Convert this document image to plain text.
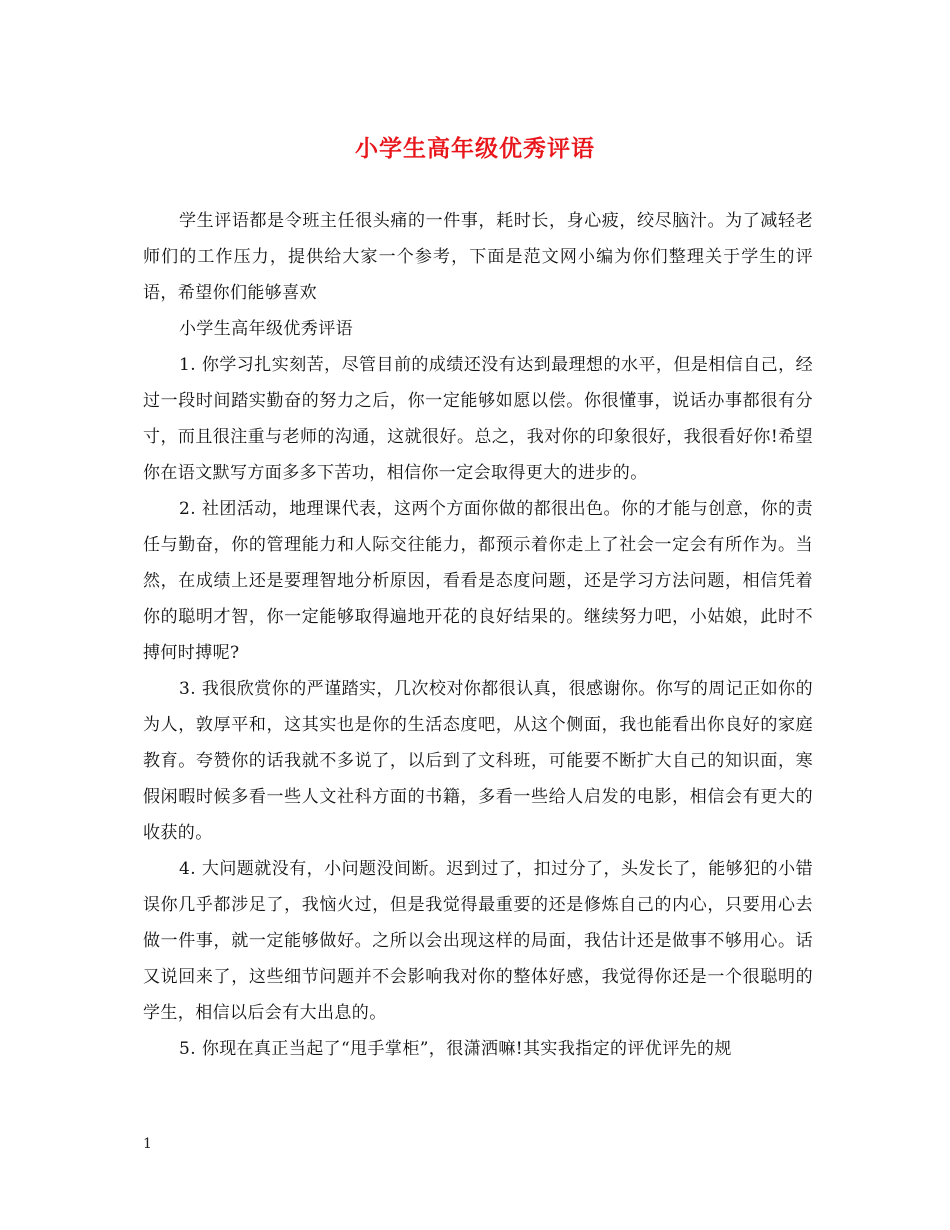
小学生高年级优秀评语

学生评语都是令班主任很头痛的一件事，耗时长，身心疲，绞尽脑汁。为了减轻老师们的工作压力，提供给大家一个参考，下面是范文网小编为你们整理关于学生的评语，希望你们能够喜欢

小学生高年级优秀评语

1. 你学习扎实刻苦，尽管目前的成绩还没有达到最理想的水平，但是相信自己，经过一段时间踏实勤奋的努力之后，你一定能够如愿以偿。你很懂事，说话办事都很有分寸，而且很注重与老师的沟通，这就很好。总之，我对你的印象很好，我很看好你!希望你在语文默写方面多多下苦功，相信你一定会取得更大的进步的。

2. 社团活动，地理课代表，这两个方面你做的都很出色。你的才能与创意，你的责任与勤奋，你的管理能力和人际交往能力，都预示着你走上了社会一定会有所作为。当然，在成绩上还是要理智地分析原因，看看是态度问题，还是学习方法问题，相信凭着你的聪明才智，你一定能够取得遍地开花的良好结果的。继续努力吧，小姑娘，此时不搏何时搏呢?

3. 我很欣赏你的严谨踏实，几次校对你都很认真，很感谢你。你写的周记正如你的为人，敦厚平和，这其实也是你的生活态度吧，从这个侧面，我也能看出你良好的家庭教育。夸赞你的话我就不多说了，以后到了文科班，可能要不断扩大自己的知识面，寒假闲暇时候多看一些人文社科方面的书籍，多看一些给人启发的电影，相信会有更大的收获的。

4. 大问题就没有，小问题没间断。迟到过了，扣过分了，头发长了，能够犯的小错误你几乎都涉足了，我恼火过，但是我觉得最重要的还是修炼自己的内心，只要用心去做一件事，就一定能够做好。之所以会出现这样的局面，我估计还是做事不够用心。话又说回来了，这些细节问题并不会影响我对你的整体好感，我觉得你还是一个很聪明的学生，相信以后会有大出息的。

5. 你现在真正当起了“甩手掌柜”，很潇洒嘛!其实我指定的评优评先的规

1
